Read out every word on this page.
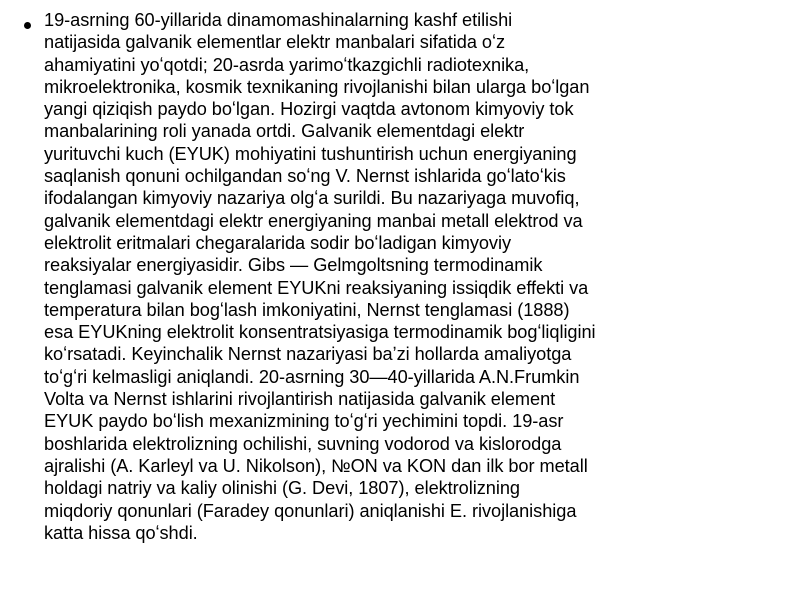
19-asrning 60-yillarida dinamomashinalarning kashf etilishi
natijasida galvanik elementlar elektr manbalari sifatida oʻz
ahamiyatini yoʻqotdi; 20-asrda yarimoʻtkazgichli radiotexnika,
mikroelektronika, kosmik texnikaning rivojlanishi bilan ularga boʻlgan
yangi qiziqish paydo boʻlgan. Hozirgi vaqtda avtonom kimyoviy tok
manbalarining roli yanada ortdi. Galvanik elementdagi elektr
yurituvchi kuch (EYUK) mohiyatini tushuntirish uchun energiyaning
saqlanish qonuni ochilgandan soʻng V. Nernst ishlarida goʻlatoʻkis
ifodalangan kimyoviy nazariya olgʻa surildi. Bu nazariyaga muvofiq,
galvanik elementdagi elektr energiyaning manbai metall elektrod va
elektrolit eritmalari chegaralarida sodir boʻladigan kimyoviy
reaksiyalar energiyasidir. Gibs — Gelmgoltsning termodinamik
tenglamasi galvanik element EYUKni reaksiyaning issiqdik effekti va
temperatura bilan bogʻlash imkoniyatini, Nernst tenglamasi (1888)
esa EYUKning elektrolit konsentratsiyasiga termodinamik bogʻliqligini
koʻrsatadi. Keyinchalik Nernst nazariyasi baʼzi hollarda amaliyotga
toʻgʻri kelmasligi aniqlandi. 20-asrning 30—40-yillarida A.N.Frumkin
Volta va Nernst ishlarini rivojlantirish natijasida galvanik element
EYUK paydo boʻlish mexanizmining toʻgʻri yechimini topdi. 19-asr
boshlarida elektrolizning ochilishi, suvning vodorod va kislorodga
ajralishi (A. Karleyl va U. Nikolson), №ON va KON dan ilk bor metall
holdagi natriy va kaliy olinishi (G. Devi, 1807), elektrolizning
miqdoriy qonunlari (Faradey qonunlari) aniqlanishi E. rivojlanishiga
katta hissa qoʻshdi.
